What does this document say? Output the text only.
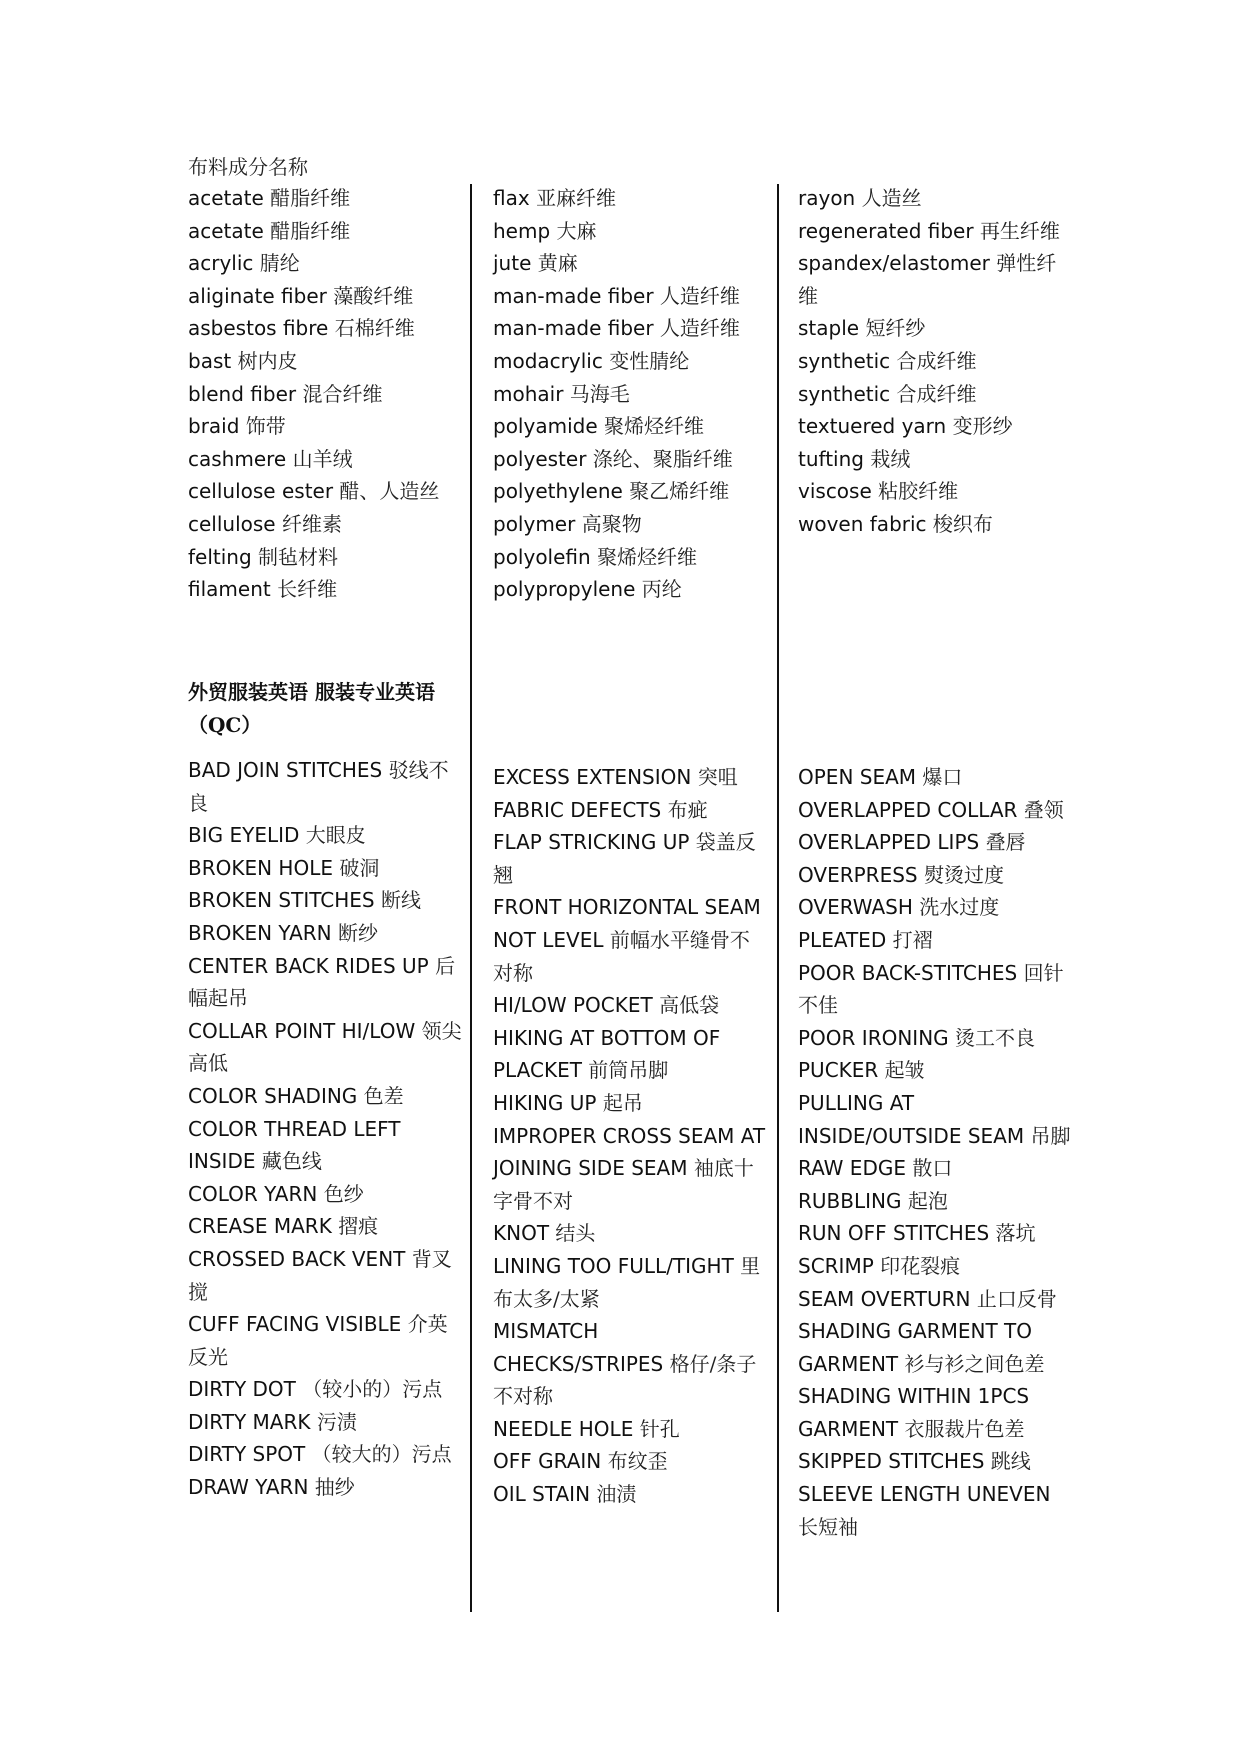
布料成分名称
acetate 醋脂纤维
acetate 醋脂纤维
acrylic 腈纶
aliginate fiber 藻酸纤维
asbestos fibre 石棉纤维
bast 树内皮
blend fiber 混合纤维
braid 饰带
cashmere 山羊绒
cellulose ester 醋、人造丝
cellulose 纤维素
felting 制毡材料
filament 长纤维
flax 亚麻纤维
hemp 大麻
jute 黄麻
man-made fiber 人造纤维
man-made fiber 人造纤维
modacrylic 变性腈纶
mohair 马海毛
polyamide 聚烯烃纤维
polyester 涤纶、聚脂纤维
polyethylene 聚乙烯纤维
polymer 高聚物
polyolefin 聚烯烃纤维
polypropylene 丙纶
rayon 人造丝
regenerated fiber 再生纤维
spandex/elastomer 弹性纤维
staple 短纤纱
synthetic 合成纤维
synthetic 合成纤维
textuered yarn 变形纱
tufting 栽绒
viscose 粘胶纤维
woven fabric 梭织布
外贸服装英语 服装专业英语（QC）
BAD JOIN STITCHES 驳线不良
BIG EYELID 大眼皮
BROKEN HOLE 破洞
BROKEN STITCHES 断线
BROKEN YARN 断纱
CENTER BACK RIDES UP 后幅起吊
COLLAR POINT HI/LOW 领尖高低
COLOR SHADING 色差
COLOR THREAD LEFT INSIDE 藏色线
COLOR YARN 色纱
CREASE MARK 摺痕
CROSSED BACK VENT 背叉搅
CUFF FACING VISIBLE 介英反光
DIRTY DOT （较小的）污点
DIRTY MARK 污渍
DIRTY SPOT （较大的）污点
DRAW YARN 抽纱
EXCESS EXTENSION 突咀
FABRIC DEFECTS 布疵
FLAP STRICKING UP 袋盖反翘
FRONT HORIZONTAL SEAM NOT LEVEL 前幅水平缝骨不对称
HI/LOW POCKET 高低袋
HIKING AT BOTTOM OF PLACKET 前筒吊脚
HIKING UP 起吊
IMPROPER CROSS SEAM AT JOINING SIDE SEAM 袖底十字骨不对
KNOT 结头
LINING TOO FULL/TIGHT 里布太多/太紧
MISMATCH CHECKS/STRIPES 格仔/条子不对称
NEEDLE HOLE 针孔
OFF GRAIN 布纹歪
OIL STAIN 油渍
OPEN SEAM 爆口
OVERLAPPED COLLAR 叠领
OVERLAPPED LIPS 叠唇
OVERPRESS 熨烫过度
OVERWASH 洗水过度
PLEATED 打褶
POOR BACK-STITCHES 回针不佳
POOR IRONING 烫工不良
PUCKER 起皱
PULLING AT INSIDE/OUTSIDE SEAM 吊脚
RAW EDGE 散口
RUBBLING 起泡
RUN OFF STITCHES 落坑
SCRIMP 印花裂痕
SEAM OVERTURN 止口反骨
SHADING GARMENT TO GARMENT 衫与衫之间色差
SHADING WITHIN 1PCS GARMENT 衣服裁片色差
SKIPPED STITCHES 跳线
SLEEVE LENGTH UNEVEN 长短袖
